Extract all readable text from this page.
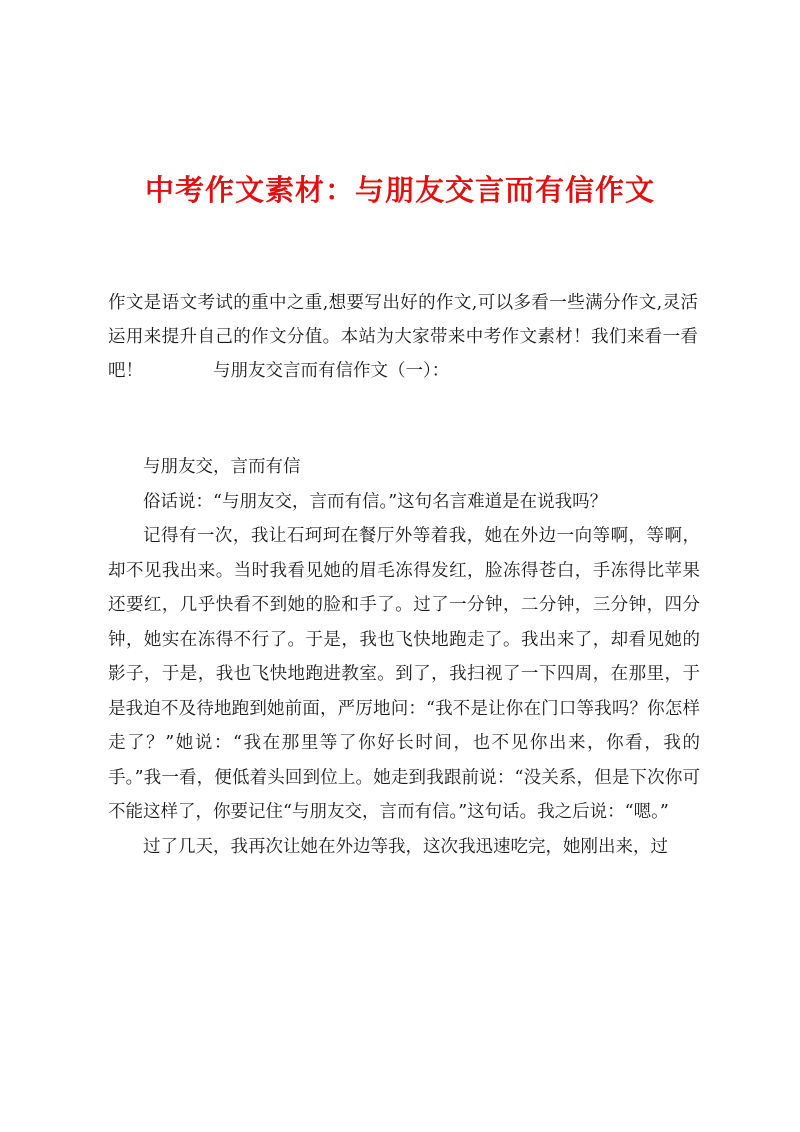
中考作文素材：与朋友交言而有信作文

作文是语文考试的重中之重,想要写出好的作文,可以多看一些满分作文,灵活运用来提升自己的作文分值。本站为大家带来中考作文素材！我们来看一看吧！	与朋友交言而有信作文（一）：

与朋友交，言而有信

俗话说：“与朋友交，言而有信。”这句名言难道是在说我吗？

记得有一次，我让石珂珂在餐厅外等着我，她在外边一向等啊，等啊，却不见我出来。当时我看见她的眉毛冻得发红，脸冻得苍白，手冻得比苹果还要红，几乎快看不到她的脸和手了。过了一分钟，二分钟，三分钟，四分钟，她实在冻得不行了。于是，我也飞快地跑走了。我出来了，却看见她的影子，于是，我也飞快地跑进教室。到了，我扫视了一下四周，在那里，于是我迫不及待地跑到她前面，严厉地问：“我不是让你在门口等我吗？你怎样走了？”她说：“我在那里等了你好长时间，也不见你出来，你看，我的手。”我一看，便低着头回到位上。她走到我跟前说：“没关系，但是下次你可不能这样了，你要记住“与朋友交，言而有信。”这句话。我之后说：“嗯。”

过了几天，我再次让她在外边等我，这次我迅速吃完，她刚出来，过
